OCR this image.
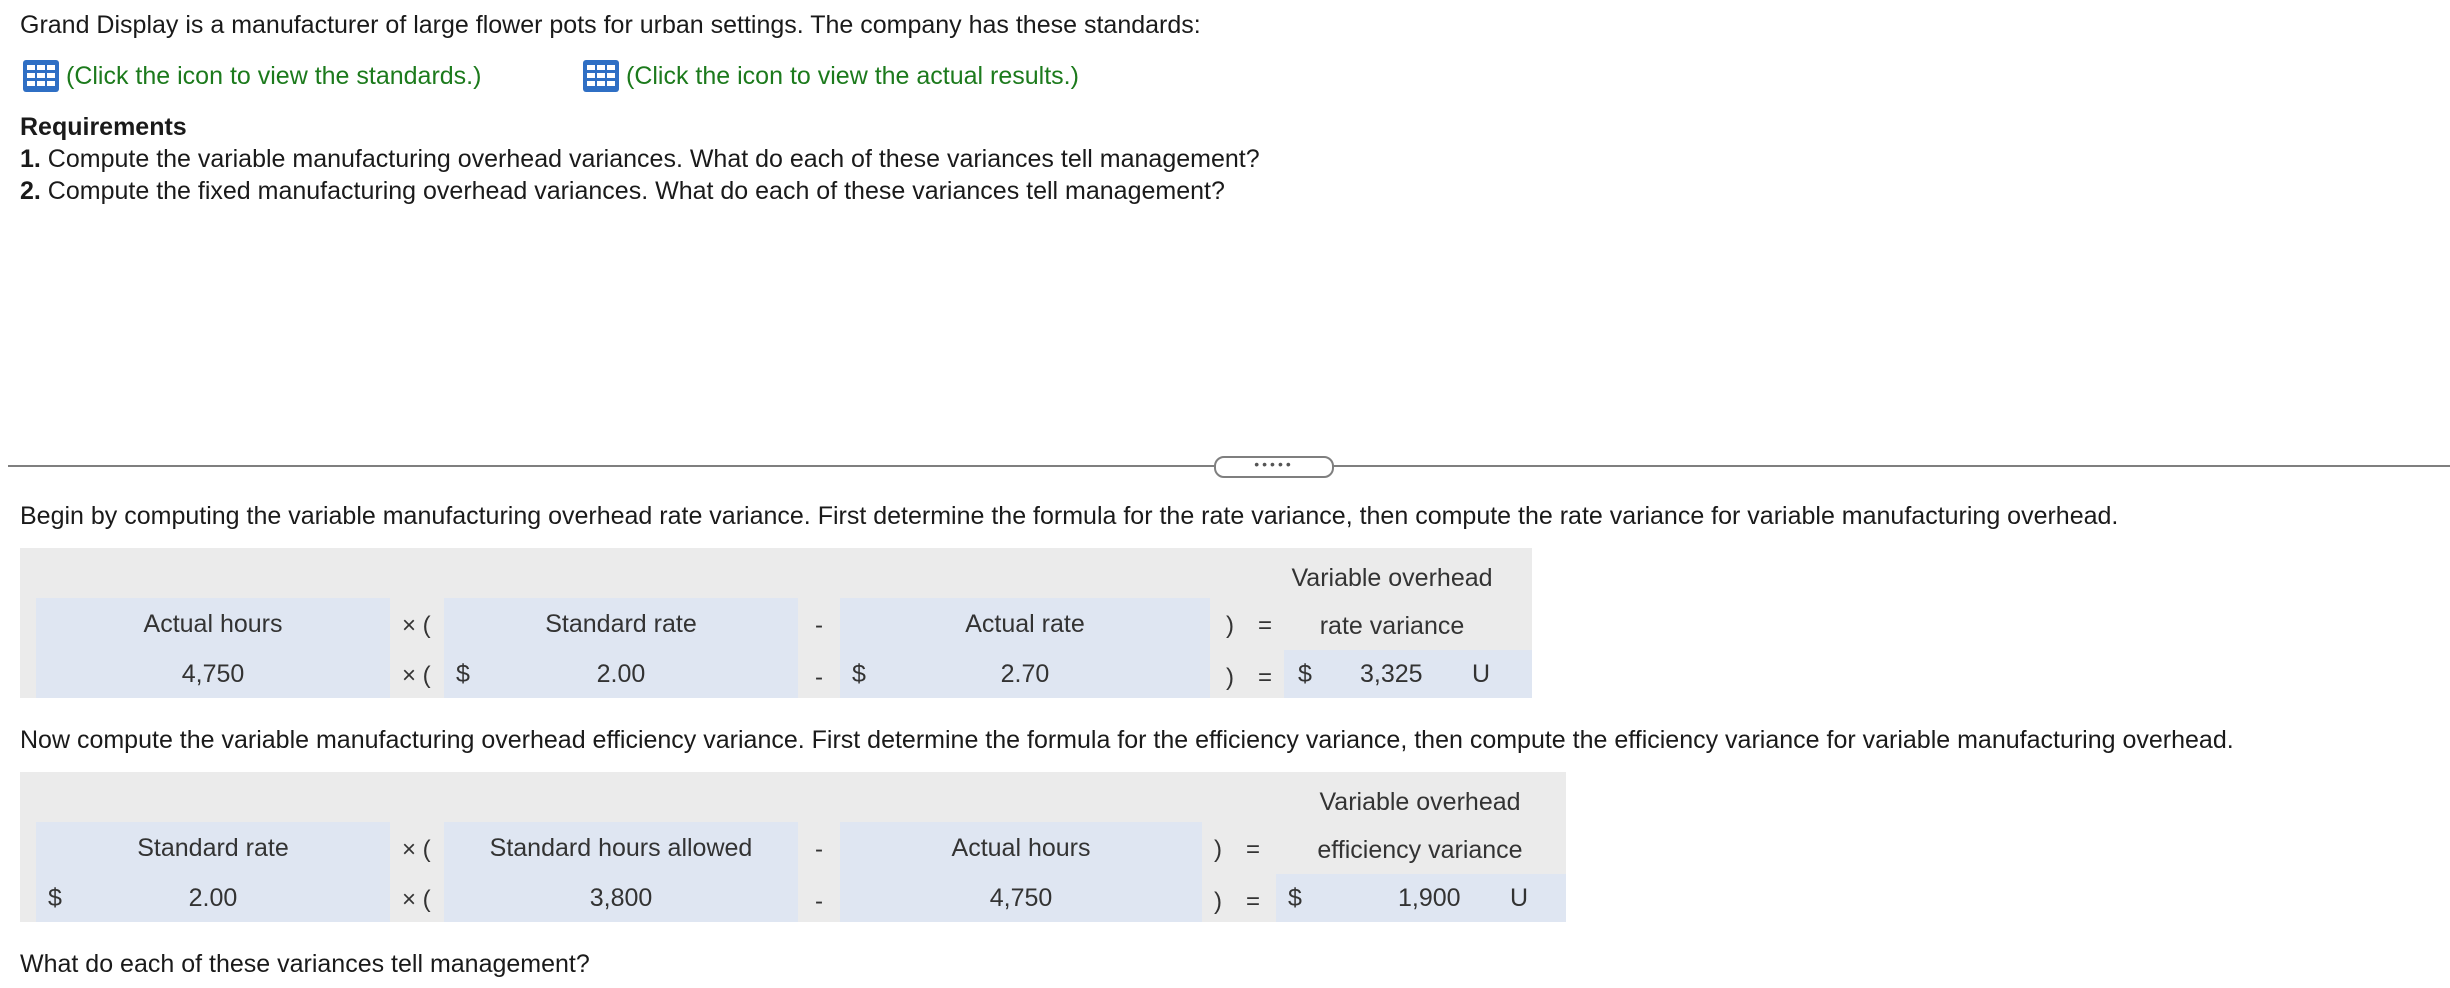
Grand Display is a manufacturer of large flower pots for urban settings. The company has these standards:
(Click the icon to view the standards.)	(Click the icon to view the actual results.)
Requirements
1. Compute the variable manufacturing overhead variances. What do each of these variances tell management?
2. Compute the fixed manufacturing overhead variances. What do each of these variances tell management?
•••••
Begin by computing the variable manufacturing overhead rate variance. First determine the formula for the rate variance, then compute the rate variance for variable manufacturing overhead.
Variable overhead
Actual hours	× (	Standard rate	-	Actual rate	) =	rate variance
4,750	× ( $	2.00	- $	2.70	) = $ 3,325 U
Now compute the variable manufacturing overhead efficiency variance. First determine the formula for the efficiency variance, then compute the efficiency variance for variable manufacturing overhead.
Variable overhead
Standard rate	× (	Standard hours allowed	-	Actual hours	) =	efficiency variance
$	2.00	× (	3,800	-	4,750	) = $	1,900 U
What do each of these variances tell management?
